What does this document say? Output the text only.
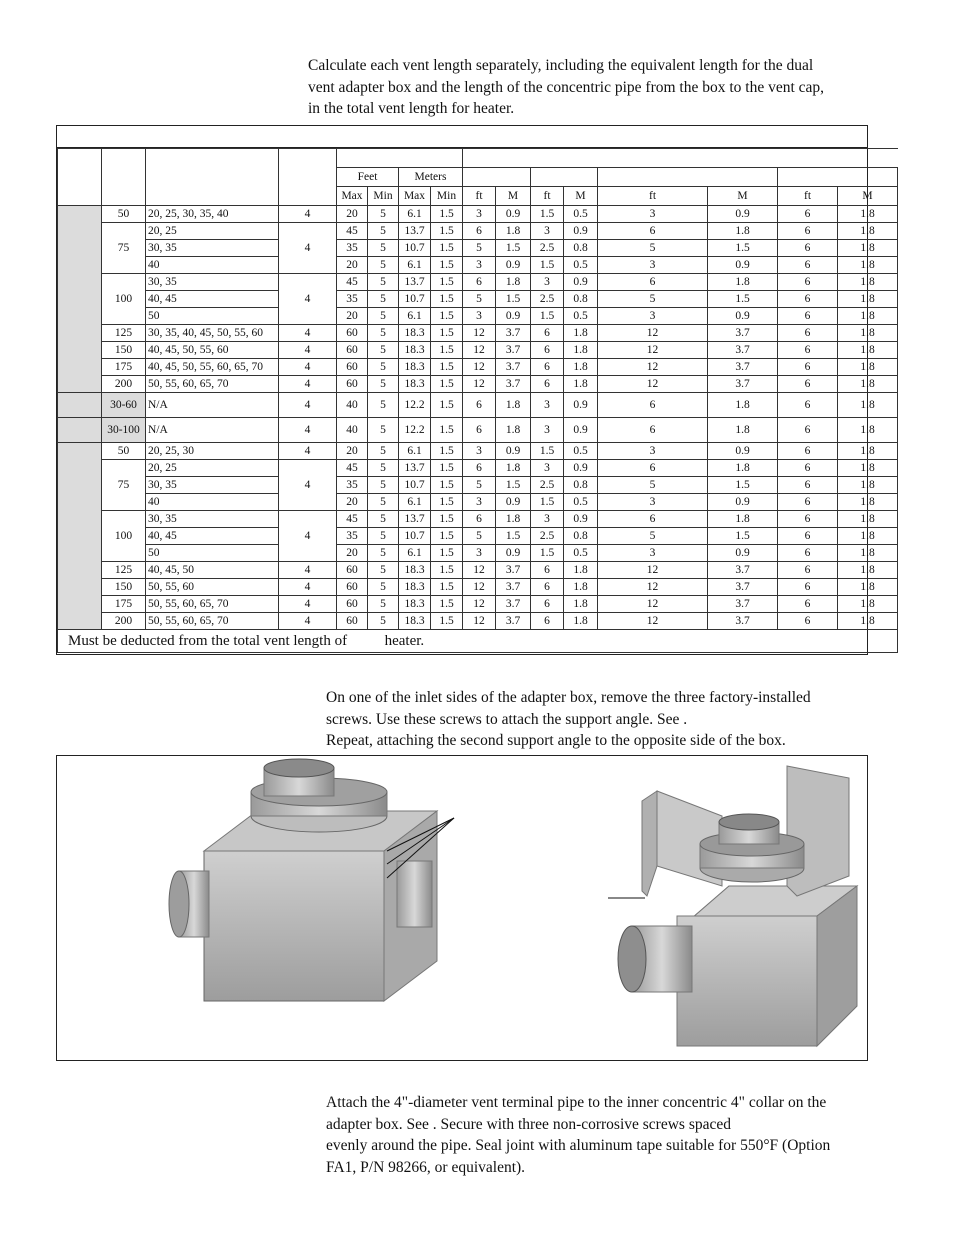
Calculate each vent length separately, including the equivalent length for the dual
vent adapter box and the length of the concentric pipe from the box to the vent cap,
in the total vent length for heater.

				Feet		Meters									
				Max	Min	Max	Min	ft	M	ft	M	ft	M	ft	M
	50	20, 25, 30, 35, 40	4	20	5	6.1	1.5	3	0.9	1.5	0.5	3	0.9	6	1.8
	75	20, 25	4	45	5	13.7	1.5	6	1.8	3	0.9	6	1.8	6	1.8
		30, 35		35	5	10.7	1.5	5	1.5	2.5	0.8	5	1.5	6	1.8
		40		20	5	6.1	1.5	3	0.9	1.5	0.5	3	0.9	6	1.8
	100	30, 35	4	45	5	13.7	1.5	6	1.8	3	0.9	6	1.8	6	1.8
		40, 45		35	5	10.7	1.5	5	1.5	2.5	0.8	5	1.5	6	1.8
		50		20	5	6.1	1.5	3	0.9	1.5	0.5	3	0.9	6	1.8
	125	30, 35, 40, 45, 50, 55, 60	4	60	5	18.3	1.5	12	3.7	6	1.8	12	3.7	6	1.8
	150	40, 45, 50, 55, 60	4	60	5	18.3	1.5	12	3.7	6	1.8	12	3.7	6	1.8
	175	40, 45, 50, 55, 60, 65, 70	4	60	5	18.3	1.5	12	3.7	6	1.8	12	3.7	6	1.8
	200	50, 55, 60, 65, 70	4	60	5	18.3	1.5	12	3.7	6	1.8	12	3.7	6	1.8
	30-60	N/A	4	40	5	12.2	1.5	6	1.8	3	0.9	6	1.8	6	1.8
	30-100	N/A	4	40	5	12.2	1.5	6	1.8	3	0.9	6	1.8	6	1.8
	50	20, 25, 30	4	20	5	6.1	1.5	3	0.9	1.5	0.5	3	0.9	6	1.8
	75	20, 25	4	45	5	13.7	1.5	6	1.8	3	0.9	6	1.8	6	1.8
		30, 35		35	5	10.7	1.5	5	1.5	2.5	0.8	5	1.5	6	1.8
		40		20	5	6.1	1.5	3	0.9	1.5	0.5	3	0.9	6	1.8
	100	30, 35	4	45	5	13.7	1.5	6	1.8	3	0.9	6	1.8	6	1.8
		40, 45		35	5	10.7	1.5	5	1.5	2.5	0.8	5	1.5	6	1.8
		50		20	5	6.1	1.5	3	0.9	1.5	0.5	3	0.9	6	1.8
	125	40, 45, 50	4	60	5	18.3	1.5	12	3.7	6	1.8	12	3.7	6	1.8
	150	50, 55, 60	4	60	5	18.3	1.5	12	3.7	6	1.8	12	3.7	6	1.8
	175	50, 55, 60, 65, 70	4	60	5	18.3	1.5	12	3.7	6	1.8	12	3.7	6	1.8
	200	50, 55, 60, 65, 70	4	60	5	18.3	1.5	12	3.7	6	1.8	12	3.7	6	1.8
Must be deducted from the total vent length of          heater.															
On one of the inlet sides of the adapter box, remove the three factory-installed
screws. Use these screws to attach the support angle. See .
Repeat, attaching the second support angle to the opposite side of the box.
Attach the 4"-diameter vent terminal pipe to the inner concentric 4" collar on the
adapter box. See . Secure with three non-corrosive screws spaced
evenly around the pipe. Seal joint with aluminum tape suitable for 550°F (Option
FA1, P/N 98266, or equivalent).
